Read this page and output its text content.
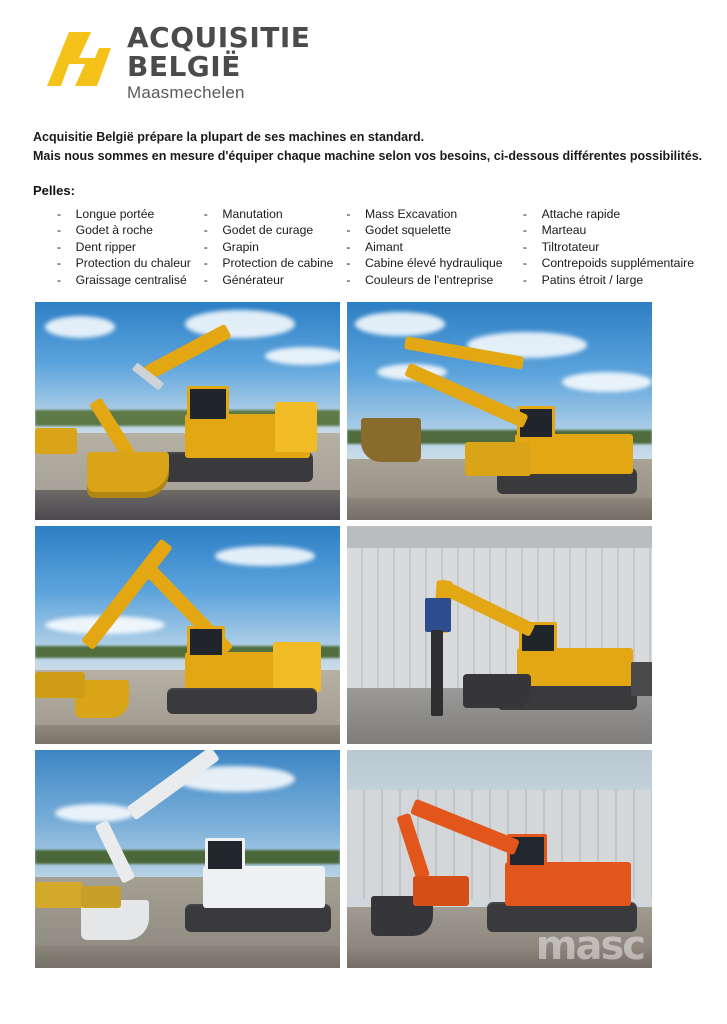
ACQUISITIE
BELGIË
Maasmechelen
Acquisitie België prépare la plupart de ses machines en standard.
Mais nous sommes en mesure d'équiper chaque machine selon vos besoins, ci-dessous différentes possibilités.
Pelles:
-	Longue portée	-	Manutation	-	Mass Excavation	-	Attache rapide
-	Godet à roche	-	Godet de curage	-	Godet squelette	-	Marteau
-	Dent ripper	-	Grapin	-	Aimant	-	Tiltrotateur
-	Protection du chaleur	-	Protection de cabine	-	Cabine élevé hydraulique	-	Contrepoids supplémentaire
-	Graissage centralisé	-	Générateur	-	Couleurs de l'entreprise	-	Patins étroit / large
masc
